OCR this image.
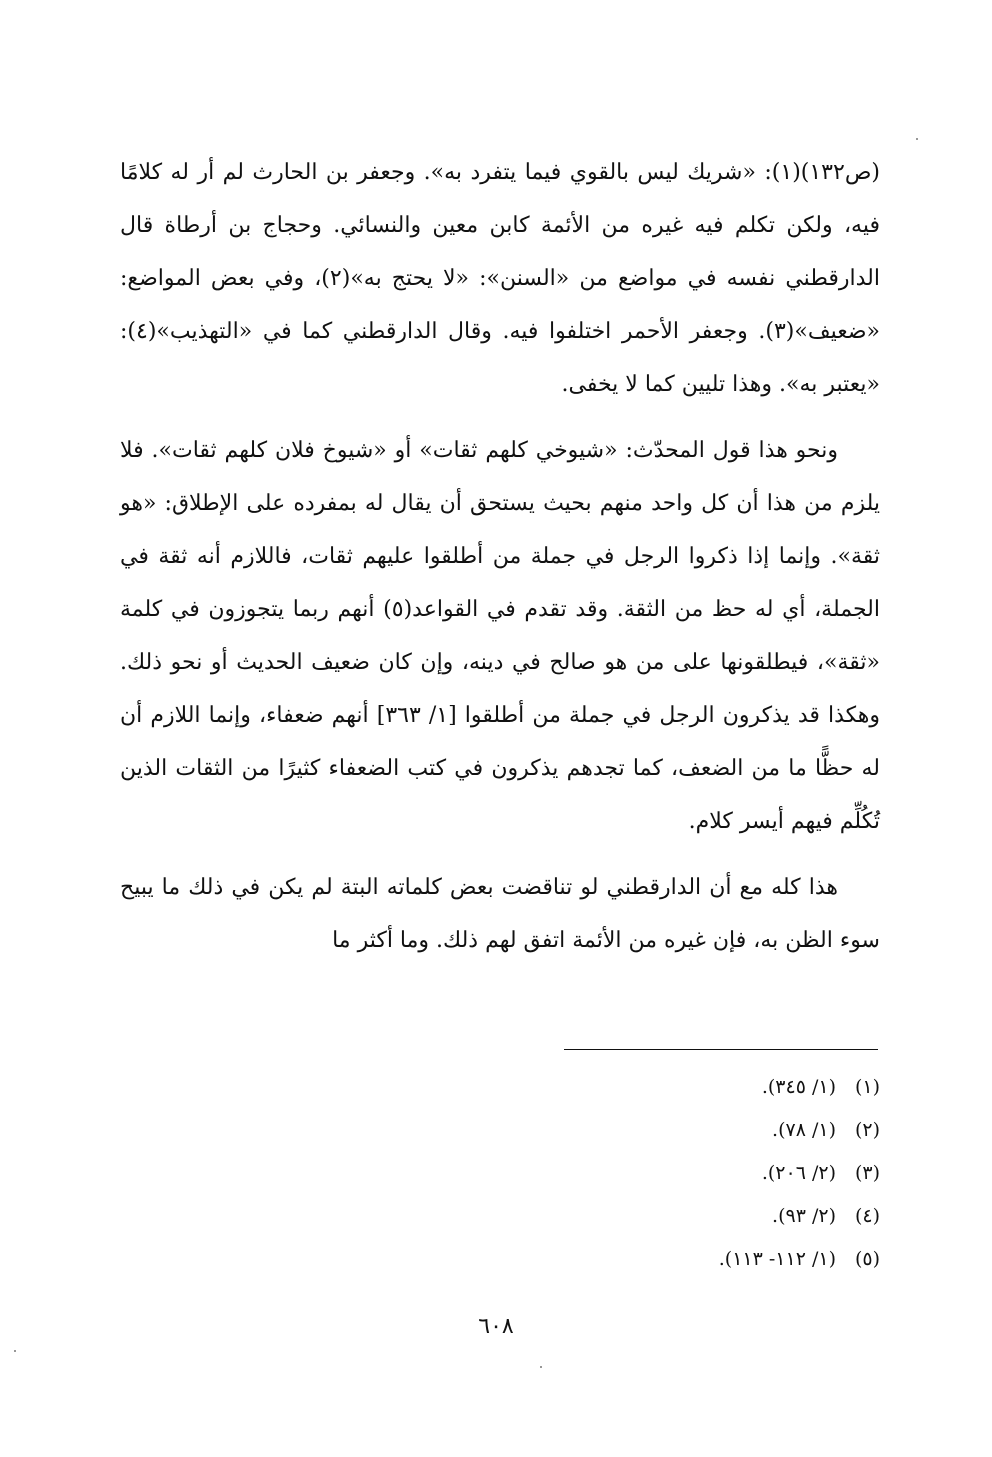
(ص١٣٢)(١): «شريك ليس بالقوي فيما يتفرد به». وجعفر بن الحارث لم أر له كلامًا فيه، ولكن تكلم فيه غيره من الأئمة كابن معين والنسائي. وحجاج بن أرطاة قال الدارقطني نفسه في مواضع من «السنن»: «لا يحتج به»(٢)، وفي بعض المواضع: «ضعيف»(٣). وجعفر الأحمر اختلفوا فيه. وقال الدارقطني كما في «التهذيب»(٤): «يعتبر به». وهذا تليين كما لا يخفى.

ونحو هذا قول المحدّث: «شيوخي كلهم ثقات» أو «شيوخ فلان كلهم ثقات». فلا يلزم من هذا أن كل واحد منهم بحيث يستحق أن يقال له بمفرده على الإطلاق: «هو ثقة». وإنما إذا ذكروا الرجل في جملة من أطلقوا عليهم ثقات، فاللازم أنه ثقة في الجملة، أي له حظ من الثقة. وقد تقدم في القواعد(٥) أنهم ربما يتجوزون في كلمة «ثقة»، فيطلقونها على من هو صالح في دينه، وإن كان ضعيف الحديث أو نحو ذلك. وهكذا قد يذكرون الرجل في جملة من أطلقوا [١/ ٣٦٣] أنهم ضعفاء، وإنما اللازم أن له حظًّا ما من الضعف، كما تجدهم يذكرون في كتب الضعفاء كثيرًا من الثقات الذين تُكُلِّم فيهم أيسر كلام.

هذا كله مع أن الدارقطني لو تناقضت بعض كلماته البتة لم يكن في ذلك ما يبيح سوء الظن به، فإن غيره من الأئمة اتفق لهم ذلك. وما أكثر ما

(١)(١/ ٣٤٥).
(٢)(١/ ٧٨).
(٣)(٢/ ٢٠٦).
(٤)(٢/ ٩٣).
(٥)(١/ ١١٢- ١١٣).
٦٠٨
